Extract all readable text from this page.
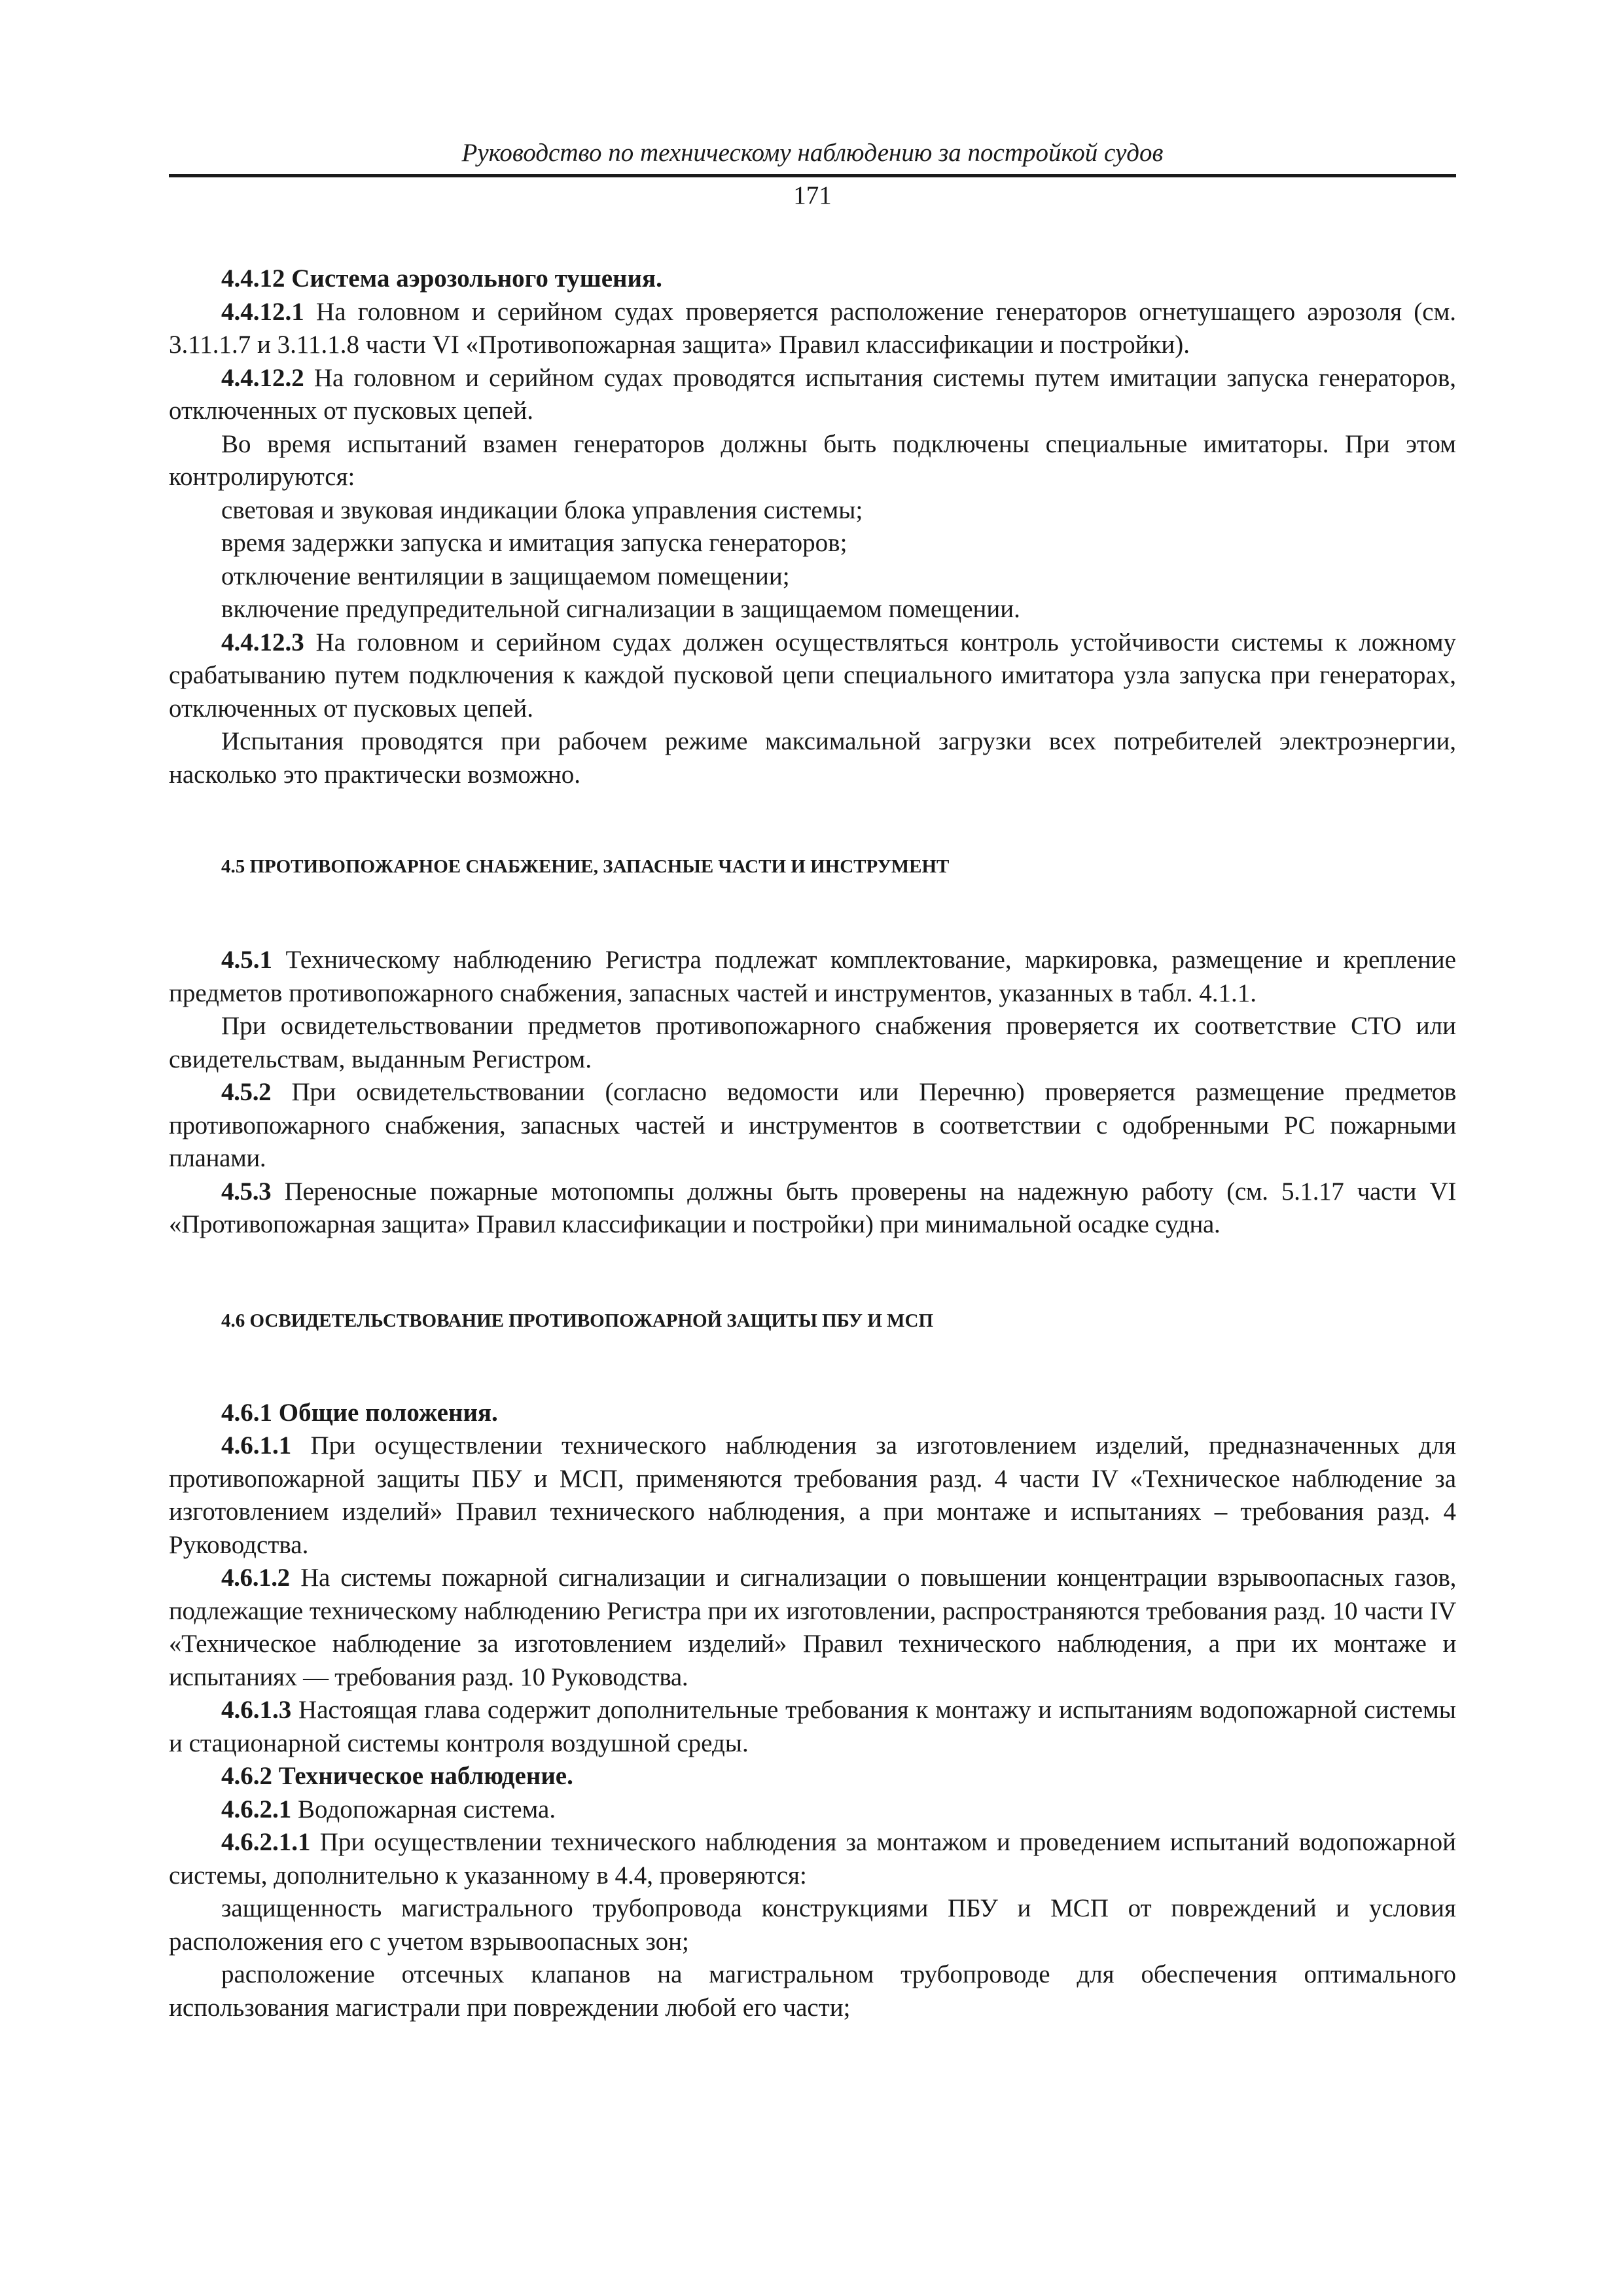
Руководство по техническому наблюдению за постройкой судов
171

4.4.12 Система аэрозольного тушения.

4.4.12.1 На головном и серийном судах проверяется расположение генераторов огнетушащего аэрозоля (см. 3.11.1.7 и 3.11.1.8 части VI «Противопожарная защита» Правил классификации и постройки).

4.4.12.2 На головном и серийном судах проводятся испытания системы путем имитации запуска генераторов, отключенных от пусковых цепей.

Во время испытаний взамен генераторов должны быть подключены специальные имитаторы. При этом контролируются:

световая и звуковая индикации блока управления системы;

время задержки запуска и имитация запуска генераторов;

отключение вентиляции в защищаемом помещении;

включение предупредительной сигнализации в защищаемом помещении.

4.4.12.3 На головном и серийном судах должен осуществляться контроль устойчивости системы к ложному срабатыванию путем подключения к каждой пусковой цепи специального имитатора узла запуска при генераторах, отключенных от пусковых цепей.

Испытания проводятся при рабочем режиме максимальной загрузки всех потребителей электроэнергии, насколько это практически возможно.

4.5 ПРОТИВОПОЖАРНОЕ СНАБЖЕНИЕ, ЗАПАСНЫЕ ЧАСТИ И ИНСТРУМЕНТ

4.5.1 Техническому наблюдению Регистра подлежат комплектование, маркировка, размещение и крепление предметов противопожарного снабжения, запасных частей и инструментов, указанных в табл. 4.1.1.

При освидетельствовании предметов противопожарного снабжения проверяется их соответствие СТО или свидетельствам, выданным Регистром.

4.5.2 При освидетельствовании (согласно ведомости или Перечню) проверяется размещение предметов противопожарного снабжения, запасных частей и инструментов в соответствии с одобренными РС пожарными планами.

4.5.3 Переносные пожарные мотопомпы должны быть проверены на надежную работу (см. 5.1.17 части VI «Противопожарная защита» Правил классификации и постройки) при минимальной осадке судна.

4.6 ОСВИДЕТЕЛЬСТВОВАНИЕ ПРОТИВОПОЖАРНОЙ ЗАЩИТЫ ПБУ И МСП

4.6.1 Общие положения.

4.6.1.1 При осуществлении технического наблюдения за изготовлением изделий, предназначенных для противопожарной защиты ПБУ и МСП, применяются требования разд. 4 части IV «Техническое наблюдение за изготовлением изделий» Правил технического наблюдения, а при монтаже и испытаниях – требования разд. 4 Руководства.

4.6.1.2 На системы пожарной сигнализации и сигнализации о повышении концентрации взрывоопасных газов, подлежащие техническому наблюдению Регистра при их изготовлении, распространяются требования разд. 10 части IV «Техническое наблюдение за изготовлением изделий» Правил технического наблюдения, а при их монтаже и испытаниях — требования разд. 10 Руководства.

4.6.1.3 Настоящая глава содержит дополнительные требования к монтажу и испытаниям водопожарной системы и стационарной системы контроля воздушной среды.

4.6.2 Техническое наблюдение.

4.6.2.1 Водопожарная система.

4.6.2.1.1 При осуществлении технического наблюдения за монтажом и проведением испытаний водопожарной системы, дополнительно к указанному в 4.4, проверяются:

защищенность магистрального трубопровода конструкциями ПБУ и МСП от повреждений и условия расположения его с учетом взрывоопасных зон;

расположение отсечных клапанов на магистральном трубопроводе для обеспечения оптимального использования магистрали при повреждении любой его части;
